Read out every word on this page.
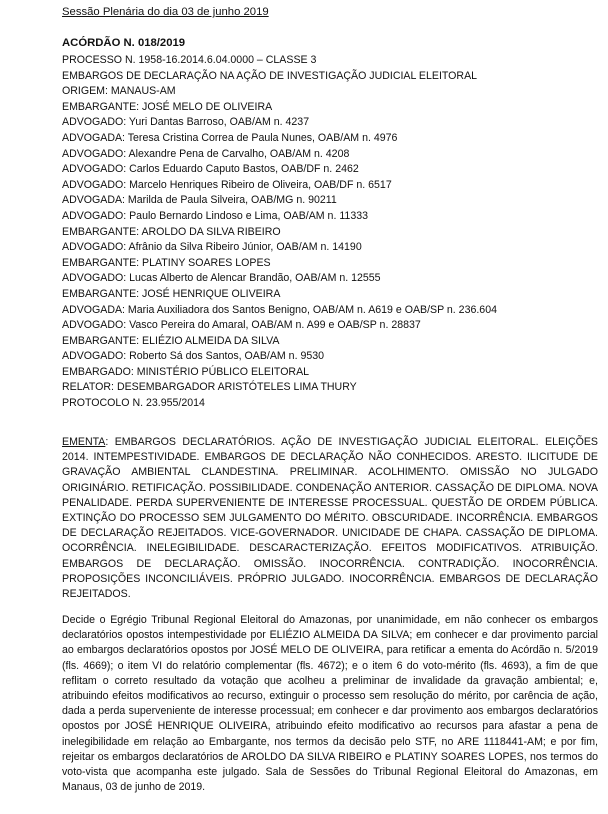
Sessão Plenária do dia 03 de junho 2019
ACÓRDÃO N. 018/2019
PROCESSO N. 1958-16.2014.6.04.0000 – CLASSE 3
EMBARGOS DE DECLARAÇÃO NA AÇÃO DE INVESTIGAÇÃO JUDICIAL ELEITORAL
ORIGEM: MANAUS-AM
EMBARGANTE: JOSÉ MELO DE OLIVEIRA
ADVOGADO: Yuri Dantas Barroso, OAB/AM n. 4237
ADVOGADA: Teresa Cristina Correa de Paula Nunes, OAB/AM n. 4976
ADVOGADO: Alexandre Pena de Carvalho, OAB/AM n. 4208
ADVOGADO: Carlos Eduardo Caputo Bastos, OAB/DF n. 2462
ADVOGADO: Marcelo Henriques Ribeiro de Oliveira, OAB/DF n. 6517
ADVOGADA: Marilda de Paula Silveira, OAB/MG n. 90211
ADVOGADO: Paulo Bernardo Lindoso e Lima, OAB/AM n. 11333
EMBARGANTE: AROLDO DA SILVA RIBEIRO
ADVOGADO: Afrânio da Silva Ribeiro Júnior, OAB/AM n. 14190
EMBARGANTE: PLATINY SOARES LOPES
ADVOGADO: Lucas Alberto de Alencar Brandão, OAB/AM n. 12555
EMBARGANTE: JOSÉ HENRIQUE OLIVEIRA
ADVOGADA: Maria Auxiliadora dos Santos Benigno, OAB/AM n. A619 e OAB/SP n. 236.604
ADVOGADO: Vasco Pereira do Amaral, OAB/AM n. A99 e OAB/SP n. 28837
EMBARGANTE: ELIÉZIO ALMEIDA DA SILVA
ADVOGADO: Roberto Sá dos Santos, OAB/AM n. 9530
EMBARGADO: MINISTÉRIO PÚBLICO ELEITORAL
RELATOR: DESEMBARGADOR ARISTÓTELES LIMA THURY
PROTOCOLO N. 23.955/2014

EMENTA: EMBARGOS DECLARATÓRIOS. AÇÃO DE INVESTIGAÇÃO JUDICIAL ELEITORAL. ELEIÇÕES 2014. INTEMPESTIVIDADE. EMBARGOS DE DECLARAÇÃO NÃO CONHECIDOS. ARESTO. ILICITUDE DE GRAVAÇÃO AMBIENTAL CLANDESTINA. PRELIMINAR. ACOLHIMENTO. OMISSÃO NO JULGADO ORIGINÁRIO. RETIFICAÇÃO. POSSIBILIDADE. CONDENAÇÃO ANTERIOR. CASSAÇÃO DE DIPLOMA. NOVA PENALIDADE. PERDA SUPERVENIENTE DE INTERESSE PROCESSUAL. QUESTÃO DE ORDEM PÚBLICA. EXTINÇÃO DO PROCESSO SEM JULGAMENTO DO MÉRITO. OBSCURIDADE. INCORRÊNCIA. EMBARGOS DE DECLARAÇÃO REJEITADOS. VICE-GOVERNADOR. UNICIDADE DE CHAPA. CASSAÇÃO DE DIPLOMA. OCORRÊNCIA. INELEGIBILIDADE. DESCARACTERIZAÇÃO. EFEITOS MODIFICATIVOS. ATRIBUIÇÃO. EMBARGOS DE DECLARAÇÃO. OMISSÃO. INOCORRÊNCIA. CONTRADIÇÃO. INOCORRÊNCIA. PROPOSIÇÕES INCONCILIÁVEIS. PRÓPRIO JULGADO. INOCORRÊNCIA. EMBARGOS DE DECLARAÇÃO REJEITADOS.

Decide o Egrégio Tribunal Regional Eleitoral do Amazonas, por unanimidade, em não conhecer os embargos declaratórios opostos intempestividade por ELIÉZIO ALMEIDA DA SILVA; em conhecer e dar provimento parcial ao embargos declaratórios opostos por JOSÉ MELO DE OLIVEIRA, para retificar a ementa do Acórdão n. 5/2019 (fls. 4669); o item VI do relatório complementar (fls. 4672); e o item 6 do voto-mérito (fls. 4693), a fim de que reflitam o correto resultado da votação que acolheu a preliminar de invalidade da gravação ambiental; e, atribuindo efeitos modificativos ao recurso, extinguir o processo sem resolução do mérito, por carência de ação, dada a perda superveniente de interesse processual; em conhecer e dar provimento aos embargos declaratórios opostos por JOSÉ HENRIQUE OLIVEIRA, atribuindo efeito modificativo ao recursos para afastar a pena de inelegibilidade em relação ao Embargante, nos termos da decisão pelo STF, no ARE 1118441-AM; e por fim, rejeitar os embargos declaratórios de AROLDO DA SILVA RIBEIRO e PLATINY SOARES LOPES, nos termos do voto-vista que acompanha este julgado. Sala de Sessões do Tribunal Regional Eleitoral do Amazonas, em Manaus, 03 de junho de 2019.
